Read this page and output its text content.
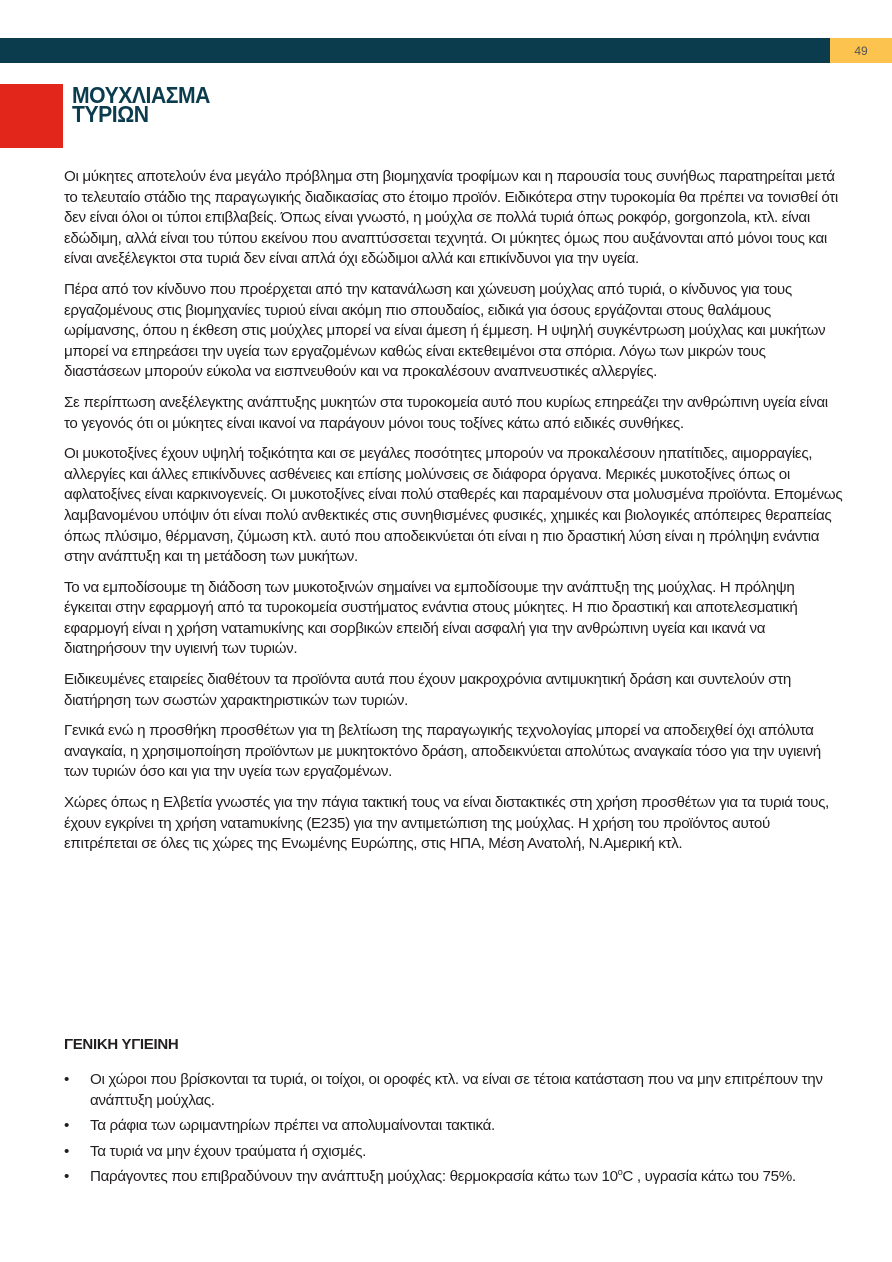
49
ΜΟΥΧΛΙΑΣΜΑ
ΤΥΡΙΩΝ

Οι μύκητες αποτελούν ένα μεγάλο πρόβλημα στη βιομηχανία τροφίμων και η παρουσία τους συνήθως παρατηρείται μετά το τελευταίο στάδιο της παραγωγικής διαδικασίας στο έτοιμο προϊόν. Ειδικότερα στην τυροκομία θα πρέπει να τονισθεί ότι δεν είναι όλοι οι τύποι επιβλαβείς. Όπως είναι γνωστό, η μούχλα σε πολλά τυριά όπως ροκφόρ, gorgonzola, κτλ. είναι εδώδιμη, αλλά είναι του τύπου εκείνου που αναπτύσσεται τεχνητά. Οι μύκητες όμως που αυξάνονται από μόνοι τους και είναι ανεξέλεγκτοι στα τυριά δεν είναι απλά όχι εδώδιμοι αλλά και επικίνδυνοι για την υγεία.

Πέρα από τον κίνδυνο που προέρχεται από την κατανάλωση και χώνευση μούχλας από τυριά, ο κίνδυνος για τους εργαζομένους στις βιομηχανίες τυριού είναι ακόμη πιο σπουδαίος, ειδικά για όσους εργάζονται στους θαλάμους ωρίμανσης, όπου η έκθεση στις μούχλες μπορεί να είναι άμεση ή έμμεση. Η υψηλή συγκέντρωση μούχλας και μυκήτων μπορεί να επηρεάσει την υγεία των εργαζομένων καθώς είναι εκτεθειμένοι στα σπόρια. Λόγω των μικρών τους διαστάσεων μπορούν εύκολα να εισπνευθούν και να προκαλέσουν αναπνευστικές αλλεργίες.

Σε περίπτωση ανεξέλεγκτης ανάπτυξης μυκητών στα τυροκομεία αυτό που κυρίως επηρεάζει την ανθρώπινη υγεία είναι το γεγονός ότι οι μύκητες είναι ικανοί να παράγουν μόνοι τους τοξίνες κάτω από ειδικές συνθήκες.

Οι μυκοτοξίνες έχουν υψηλή τοξικότητα και σε μεγάλες ποσότητες μπορούν να προκαλέσουν ηπατίτιδες, αιμορραγίες, αλλεργίες και άλλες επικίνδυνες ασθένειες και επίσης μολύνσεις σε διάφορα όργανα. Μερικές μυκοτοξίνες όπως οι αφλατοξίνες είναι καρκινογενείς. Οι μυκοτοξίνες είναι πολύ σταθερές και παραμένουν στα μολυσμένα προϊόντα. Επομένως λαμβανομένου υπόψιν ότι είναι πολύ ανθεκτικές στις συνηθισμένες φυσικές, χημικές και βιολογικές απόπειρες θεραπείας όπως πλύσιμο, θέρμανση, ζύμωση κτλ. αυτό που αποδεικνύεται ότι είναι η πιο δραστική λύση είναι η πρόληψη ενάντια στην ανάπτυξη και τη μετάδοση των μυκήτων.

Το να εμποδίσουμε τη διάδοση των μυκοτοξινών σημαίνει να εμποδίσουμε την ανάπτυξη της μούχλας. Η πρόληψη έγκειται στην εφαρμογή από τα τυροκομεία συστήματος ενάντια στους μύκητες. Η πιο δραστική και αποτελεσματική εφαρμογή είναι η χρήση νατamυκίνης και σορβικών επειδή είναι ασφαλή για την ανθρώπινη υγεία και ικανά να διατηρήσουν την υγιεινή των τυριών.

Ειδικευμένες εταιρείες διαθέτουν τα προϊόντα αυτά που έχουν μακροχρόνια αντιμυκητική δράση και συντελούν στη διατήρηση των σωστών χαρακτηριστικών των τυριών.

Γενικά ενώ η προσθήκη προσθέτων για τη βελτίωση της παραγωγικής τεχνολογίας μπορεί να αποδειχθεί όχι απόλυτα αναγκαία, η χρησιμοποίηση προϊόντων με μυκητοκτόνο δράση, αποδεικνύεται απολύτως αναγκαία τόσο για την υγιεινή των τυριών όσο και για την υγεία των εργαζομένων.

Χώρες όπως η Ελβετία γνωστές για την πάγια τακτική τους να είναι διστακτικές στη χρήση προσθέτων για τα τυριά τους, έχουν εγκρίνει τη χρήση νατamυκίνης (Ε235) για την αντιμετώπιση της μούχλας. Η χρήση του προϊόντος αυτού επιτρέπεται σε όλες τις χώρες της Ενωμένης Ευρώπης, στις ΗΠΑ, Μέση Ανατολή, Ν.Αμερική κτλ.

ΓΕΝΙΚΗ ΥΓΙΕΙΝΗ
• Οι χώροι που βρίσκονται τα τυριά, οι τοίχοι, οι οροφές κτλ. να είναι σε τέτοια κατάσταση που να μην επιτρέπουν την ανάπτυξη μούχλας.
• Τα ράφια των ωριμαντηρίων πρέπει να απολυμαίνονται τακτικά.
• Τα τυριά να μην έχουν τραύματα ή σχισμές.
• Παράγοντες που επιβραδύνουν την ανάπτυξη μούχλας: θερμοκρασία κάτω των $10^oC$ , υγρασία κάτω του 75%.
